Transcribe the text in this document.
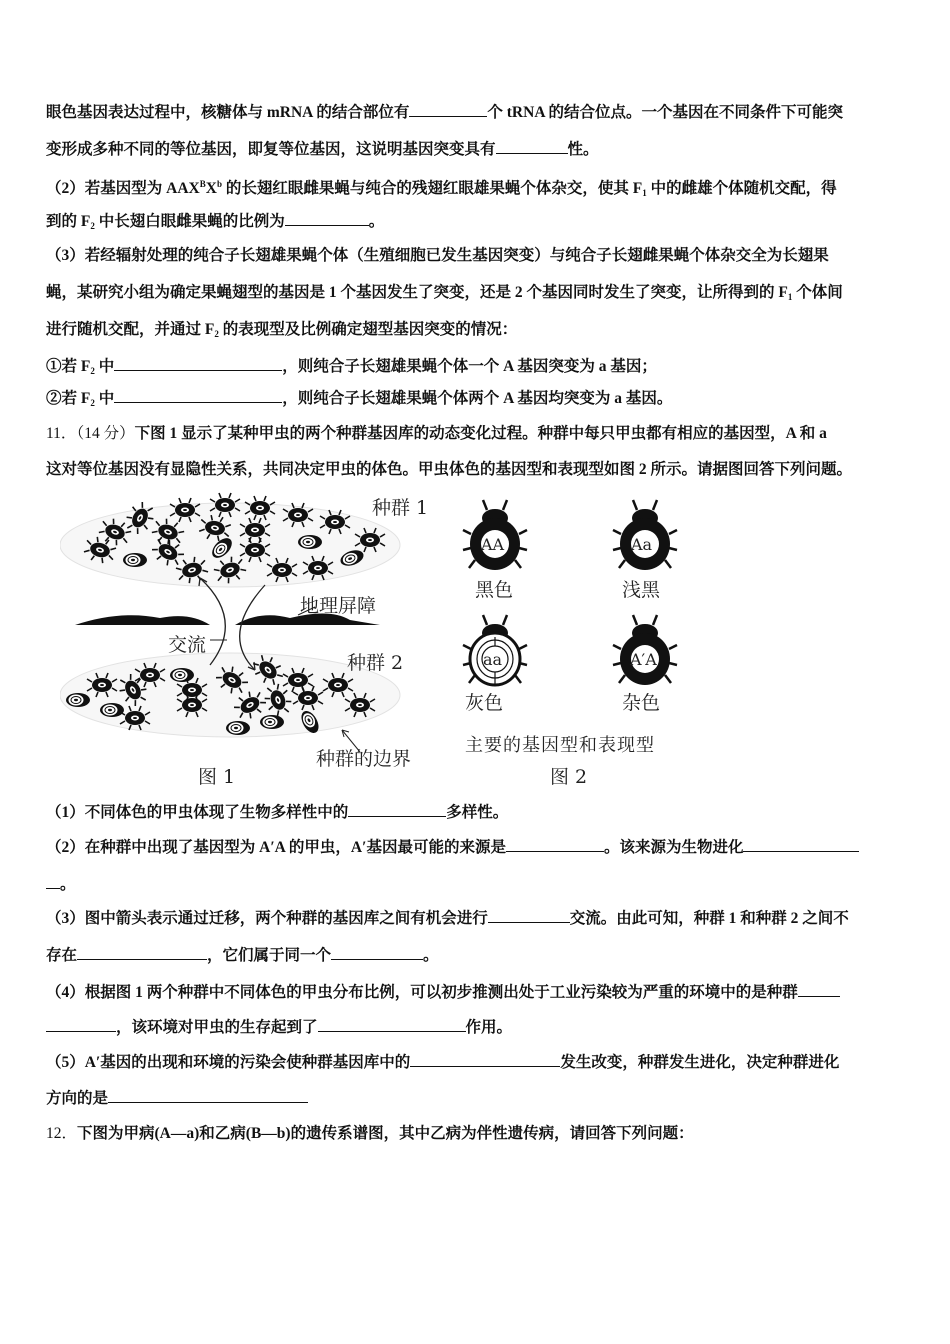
眼色基因表达过程中，核糖体与 mRNA 的结合部位有	个 tRNA 的结合位点。一个基因在不同条件下可能突
变形成多种不同的等位基因，即复等位基因，这说明基因突变具有	性。
（2）若基因型为 $AAX^BX^b$ 的长翅红眼雌果蝇与纯合的残翅红眼雄果蝇个体杂交，使其 $F_1$ 中的雌雄个体随机交配，得
到的 $F_2$ 中长翅白眼雌果蝇的比例为	。
（3）若经辐射处理的纯合子长翅雄果蝇个体（生殖细胞已发生基因突变）与纯合子长翅雌果蝇个体杂交全为长翅果
蝇，某研究小组为确定果蝇翅型的基因是 1 个基因发生了突变，还是 2 个基因同时发生了突变，让所得到的 $F_1$ 个体间
进行随机交配，并通过 $F_2$ 的表现型及比例确定翅型基因突变的情况：
①若 $F_2$ 中	，则纯合子长翅雄果蝇个体一个 A 基因突变为 a 基因；
②若 $F_2$ 中	，则纯合子长翅雄果蝇个体两个 A 基因均突变为 a 基因。
11．（14 分）下图 1 显示了某种甲虫的两个种群基因库的动态变化过程。种群中每只甲虫都有相应的基因型，A 和 a
这对等位基因没有显隐性关系，共同决定甲虫的体色。甲虫体色的基因型和表现型如图 2 所示。请据图回答下列问题。
种群 1
地理屏障
交流
种群 2
种群的边界
图 1
AA	Aa
aa	A′A
黑色	浅黑
灰色	杂色
主要的基因型和表现型
图 2
（1）不同体色的甲虫体现了生物多样性中的	多样性。
（2）在种群中出现了基因型为 A′A 的甲虫，A′基因最可能的来源是	。该来源为生物进化
。
（3）图中箭头表示通过迁移，两个种群的基因库之间有机会进行	交流。由此可知，种群 1 和种群 2 之间不
存在	，它们属于同一个	。
（4）根据图 1 两个种群中不同体色的甲虫分布比例，可以初步推测出处于工业污染较为严重的环境中的是种群
，该环境对甲虫的生存起到了	作用。
（5）A′基因的出现和环境的污染会使种群基因库中的	发生改变，种群发生进化，决定种群进化
方向的是
12．下图为甲病(A—a)和乙病(B—b)的遗传系谱图，其中乙病为伴性遗传病，请回答下列问题：
